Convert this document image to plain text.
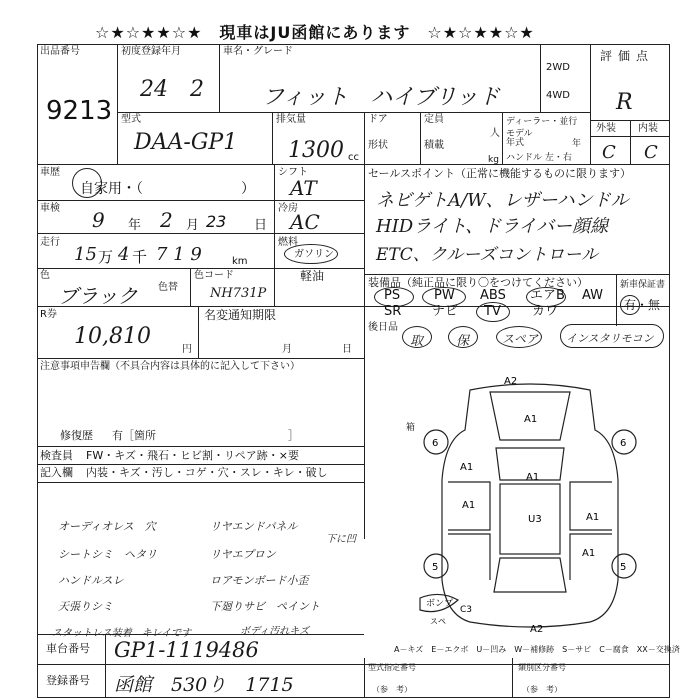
☆★☆★★☆★　現車はJU函館にあります　☆★☆★★☆★
出品番号
9213
初度登録年月
24　2
車名・グレード
フィット　ハイブリッド
2WD
4WD
評価点
R
外装 内装
C C
型式
DAA-GP1
排気量
1300 cc
ドア
形状
定員
人
積載
kg
ディーラー・並行
モデル年式	年
ハンドル 左・右
車歴
自家用・（　　　　　　　）
シフト
AT
車検 9 年 2 月 23 日
冷房
AC
走行
15 万 4 千 7 1 9	km
燃料
ガソリン
軽油
色
ブラック 色替
色コード
NH731P
R券
10,810
円
名変通知期限
月	日
注意事項申告欄（不具合内容は具体的に記入して下さい）
修復歴 有［箇所　　　　　　　　　　　　］
検査員 FW・キズ・飛石・ヒビ割・リペア跡・×要
記入欄 内装・キズ・汚し・コゲ・穴・スレ・キレ・破し
オーディオレス　穴
シートシミ　ヘタリ
ハンドルスレ
天張りシミ
スタットレス装着　キレイです
リヤエンドパネル
リヤエプロン
ロアモンボード小歪
下廻りサビ　ペイント
ボディ汚れキズ
下に凹
セールスポイント（正常に機能するものに限ります）
ネビゲトA/W、レザーハンドル
HIDライト、ドライバー顔線
ETC、クルーズコントロール
装備品（純正品に限り〇をつけてください）	新車保証書
有・無
PS	PW ABS エアB AW
SR ナビ TV カワ
後日品
取	保	スペア	インスタリモコン
A2
A1
A1
A1
A1
A1
A1
U3
A2
6	6
5	5
ボンプ
C3
スペ
箱
A－キズ　E－エクボ　U－凹み　W－補修跡　S－サビ　C－腐食　XX－交換済
車台番号 GP1-1119486
登録番号 函館　530り　1715
型式指定番号
（参　考）
類別区分番号
（参　考）
